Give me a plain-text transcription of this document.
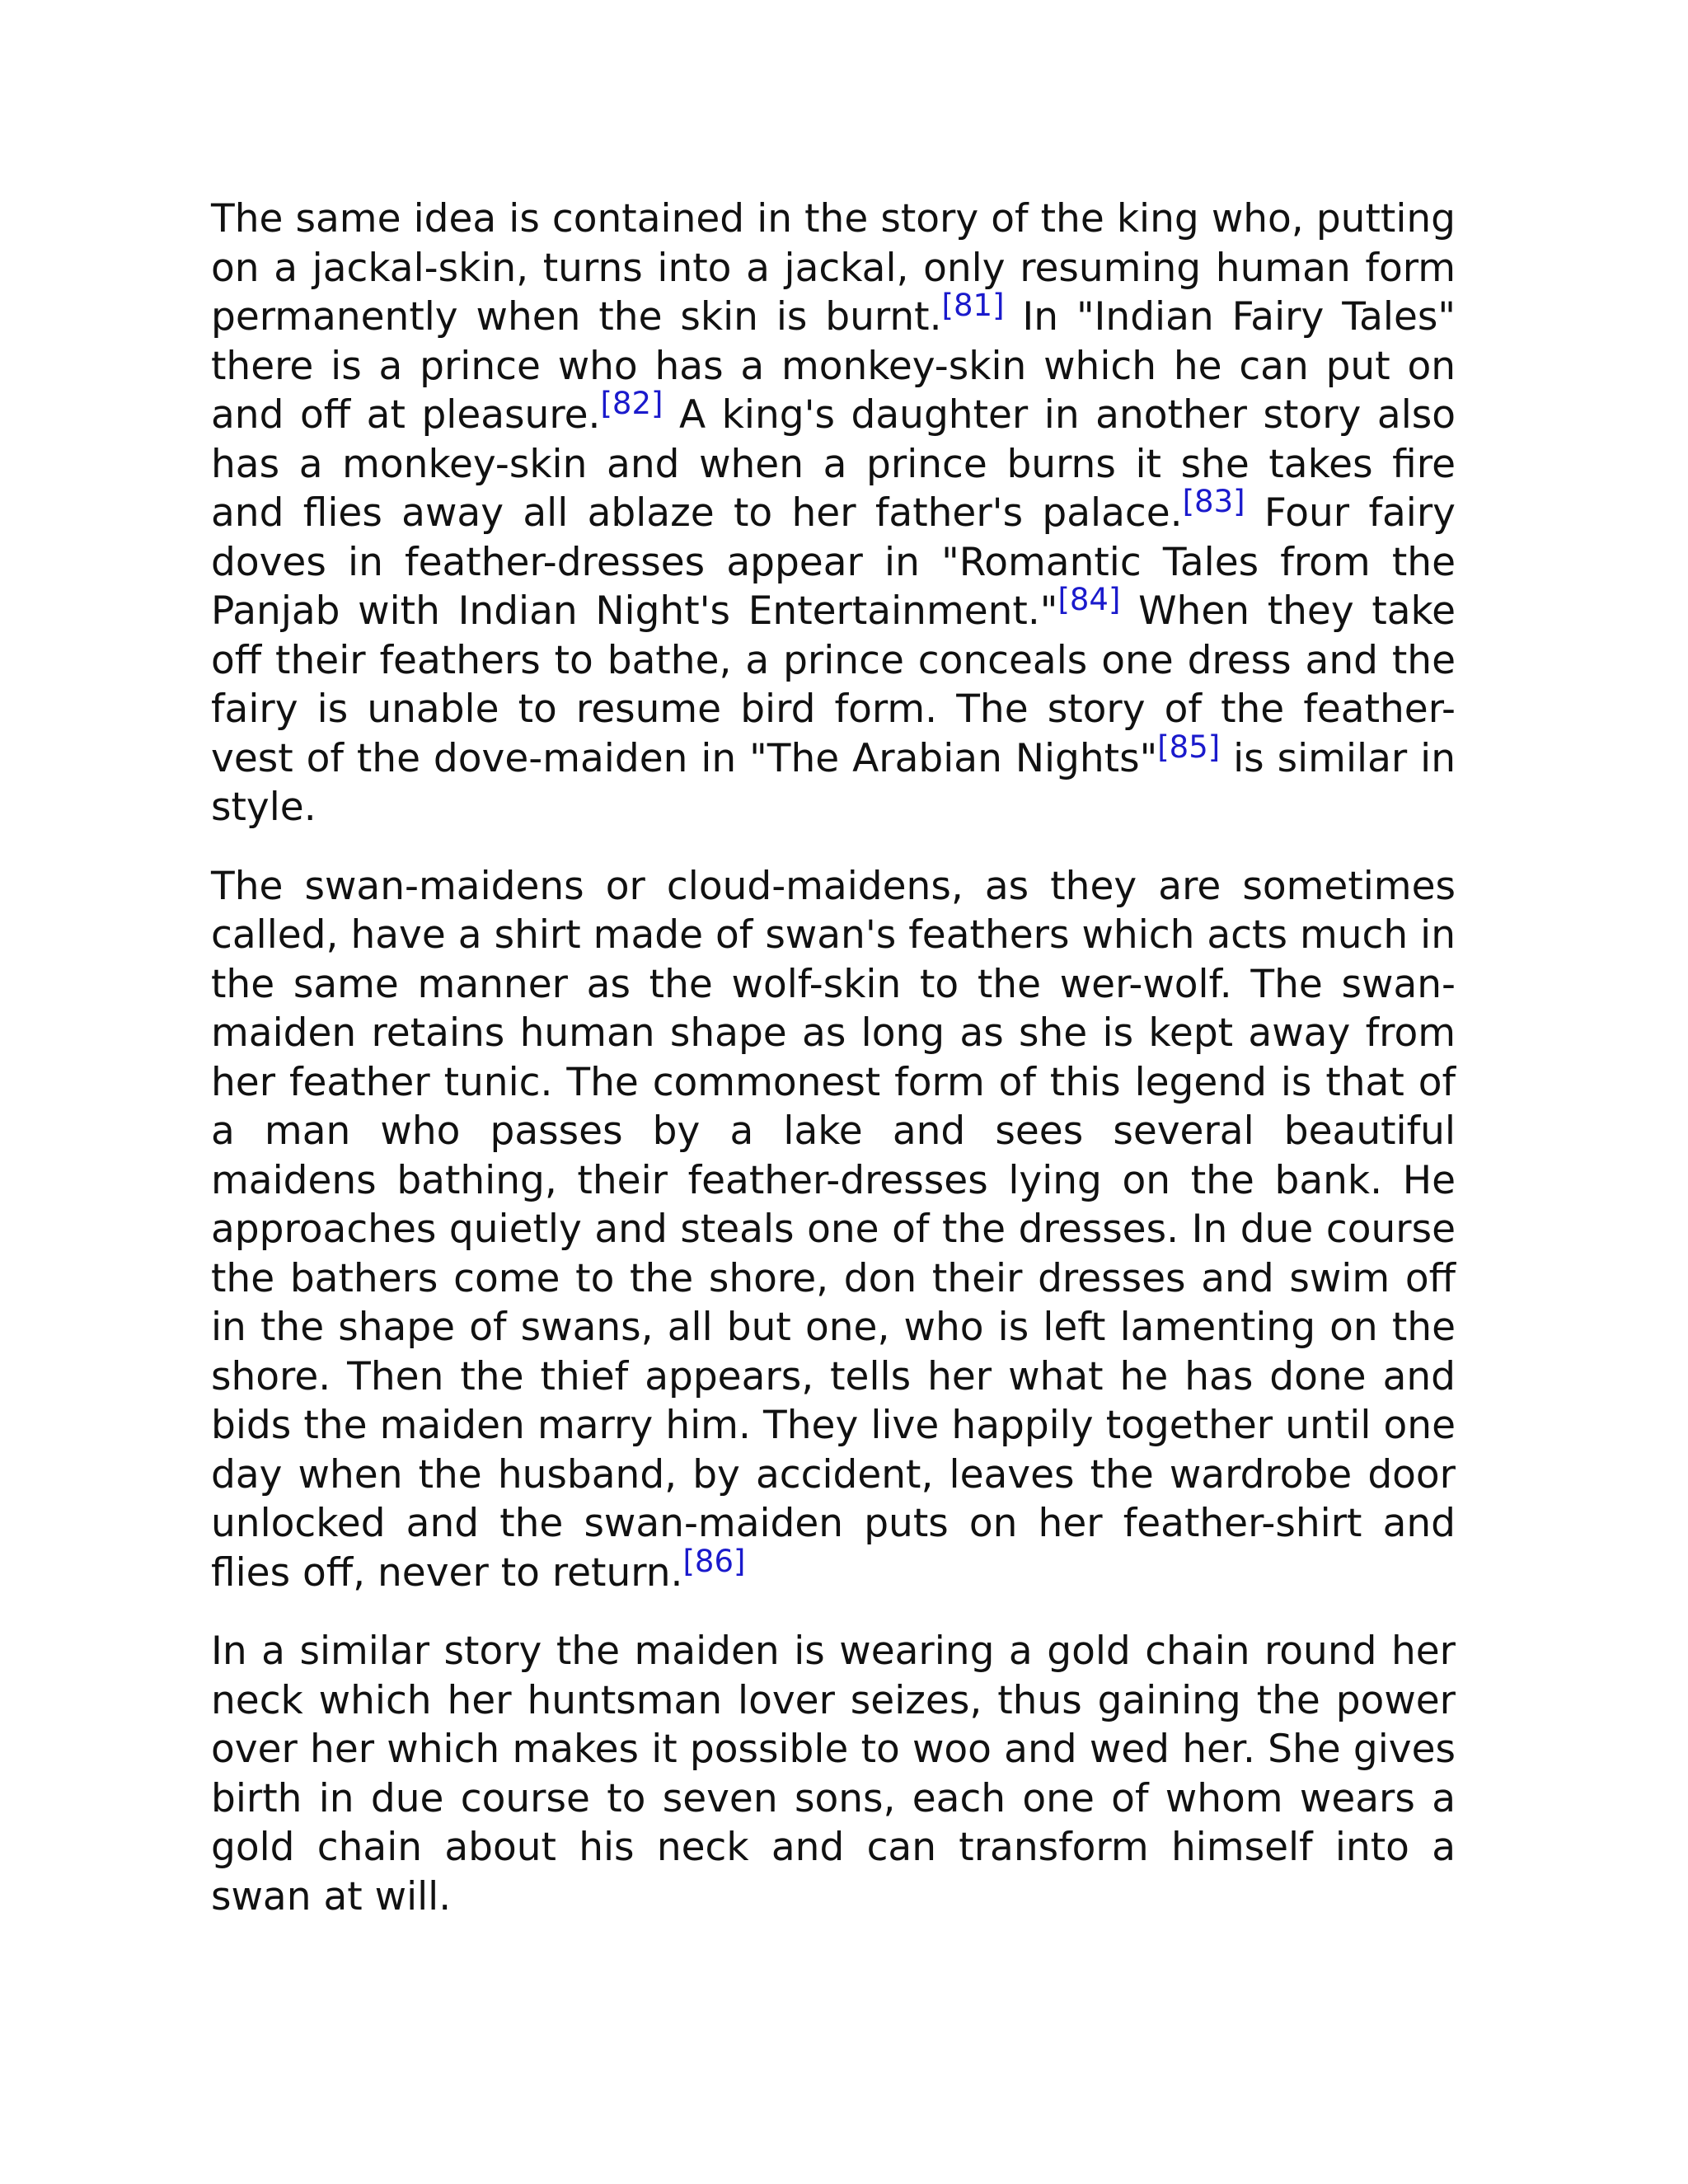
The same idea is contained in the story of the king who, putting on a jackal-skin, turns into a jackal, only resuming human form permanently when the skin is burnt.[81] In "Indian Fairy Tales" there is a prince who has a monkey-skin which he can put on and off at pleasure.[82] A king's daughter in another story also has a monkey-skin and when a prince burns it she takes fire and flies away all ablaze to her father's palace.[83] Four fairy doves in feather-dresses appear in "Romantic Tales from the Panjab with Indian Night's Entertainment."[84] When they take off their feathers to bathe, a prince conceals one dress and the fairy is unable to resume bird form. The story of the feather-vest of the dove-maiden in "The Arabian Nights"[85] is similar in style.

The swan-maidens or cloud-maidens, as they are sometimes called, have a shirt made of swan's feathers which acts much in the same manner as the wolf-skin to the wer-wolf. The swan-maiden retains human shape as long as she is kept away from her feather tunic. The commonest form of this legend is that of a man who passes by a lake and sees several beautiful maidens bathing, their feather-dresses lying on the bank. He approaches quietly and steals one of the dresses. In due course the bathers come to the shore, don their dresses and swim off in the shape of swans, all but one, who is left lamenting on the shore. Then the thief appears, tells her what he has done and bids the maiden marry him. They live happily together until one day when the husband, by accident, leaves the wardrobe door unlocked and the swan-maiden puts on her feather-shirt and flies off, never to return.[86]

In a similar story the maiden is wearing a gold chain round her neck which her huntsman lover seizes, thus gaining the power over her which makes it possible to woo and wed her. She gives birth in due course to seven sons, each one of whom wears a gold chain about his neck and can transform himself into a swan at will.
